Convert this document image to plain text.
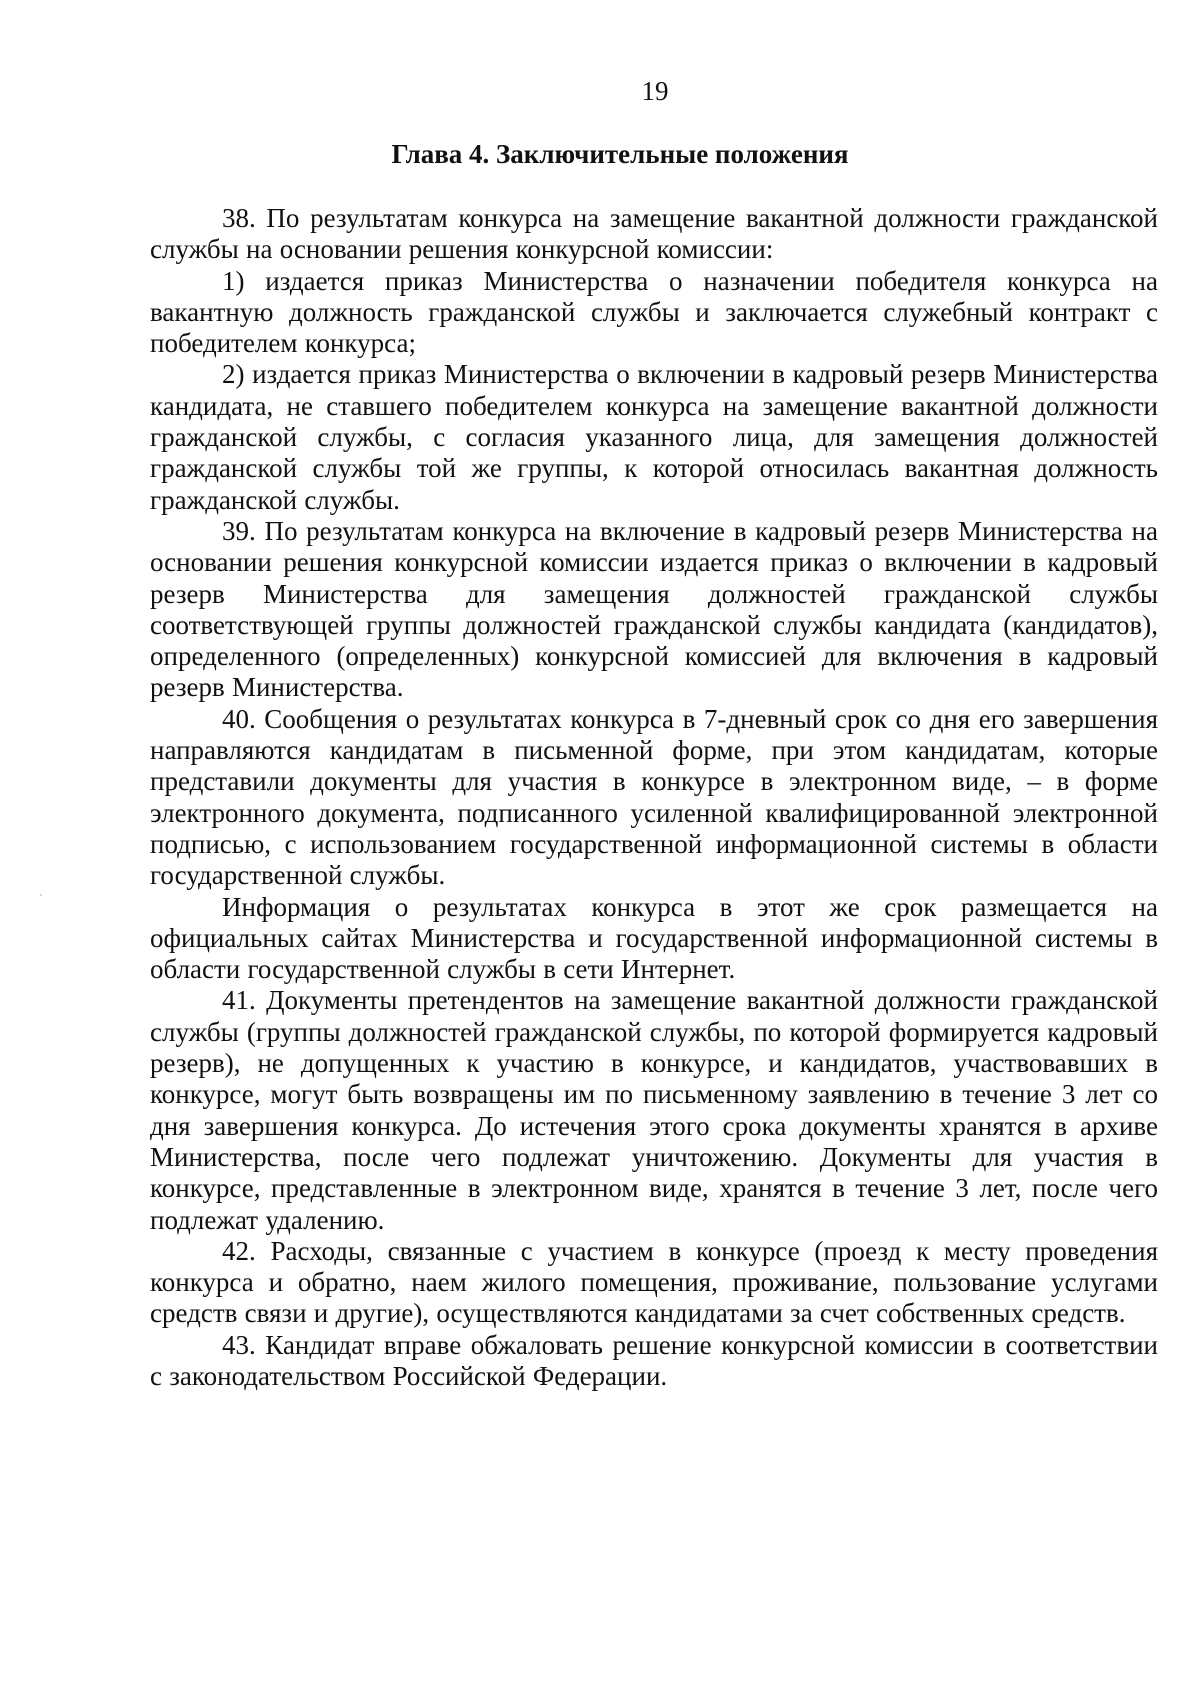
19
Глава 4. Заключительные положения

38. По результатам конкурса на замещение вакантной должности гражданской службы на основании решения конкурсной комиссии:

1) издается приказ Министерства о назначении победителя конкурса на вакантную должность гражданской службы и заключается служебный контракт с победителем конкурса;

2) издается приказ Министерства о включении в кадровый резерв Министерства кандидата, не ставшего победителем конкурса на замещение вакантной должности гражданской службы, с согласия указанного лица, для замещения должностей гражданской службы той же группы, к которой относилась вакантная должность гражданской службы.

39. По результатам конкурса на включение в кадровый резерв Министерства на основании решения конкурсной комиссии издается приказ о включении в кадровый резерв Министерства для замещения должностей гражданской службы соответствующей группы должностей гражданской службы кандидата (кандидатов), определенного (определенных) конкурсной комиссией для включения в кадровый резерв Министерства.

40. Сообщения о результатах конкурса в 7-дневный срок со дня его завершения направляются кандидатам в письменной форме, при этом кандидатам, которые представили документы для участия в конкурсе в электронном виде, – в форме электронного документа, подписанного усиленной квалифицированной электронной подписью, с использованием государственной информационной системы в области государственной службы.

Информация о результатах конкурса в этот же срок размещается на официальных сайтах Министерства и государственной информационной системы в области государственной службы в сети Интернет.

41. Документы претендентов на замещение вакантной должности гражданской службы (группы должностей гражданской службы, по которой формируется кадровый резерв), не допущенных к участию в конкурсе, и кандидатов, участвовавших в конкурсе, могут быть возвращены им по письменному заявлению в течение 3 лет со дня завершения конкурса. До истечения этого срока документы хранятся в архиве Министерства, после чего подлежат уничтожению. Документы для участия в конкурсе, представленные в электронном виде, хранятся в течение 3 лет, после чего подлежат удалению.

42. Расходы, связанные с участием в конкурсе (проезд к месту проведения конкурса и обратно, наем жилого помещения, проживание, пользование услугами средств связи и другие), осуществляются кандидатами за счет собственных средств.

43. Кандидат вправе обжаловать решение конкурсной комиссии в соответствии с законодательством Российской Федерации.
